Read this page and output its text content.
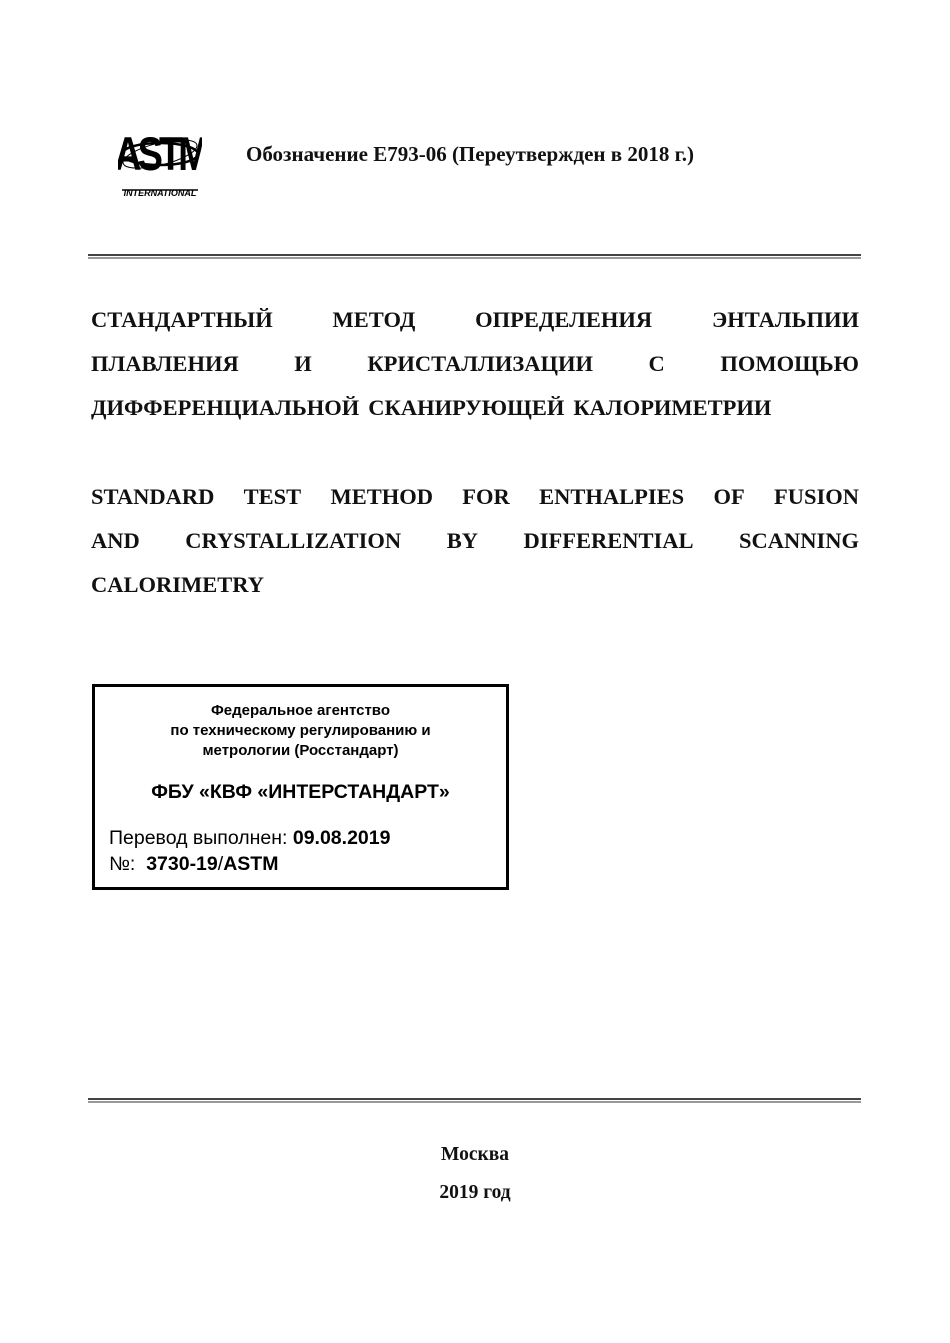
ASTM
INTERNATIONAL
Обозначение E793-06 (Переутвержден в 2018 г.)
СТАНДАРТНЫЙ	МЕТОД	ОПРЕДЕЛЕНИЯ	ЭНТАЛЬПИИ
ПЛАВЛЕНИЯ И КРИСТАЛЛИЗАЦИИ С ПОМОЩЬЮ
ДИФФЕРЕНЦИАЛЬНОЙ СКАНИРУЮЩЕЙ КАЛОРИМЕТРИИ
STANDARD TEST METHOD FOR ENTHALPIES OF FUSION
AND CRYSTALLIZATION BY DIFFERENTIAL SCANNING
CALORIMETRY
Федеральное агентство
по техническому регулированию и
метрологии (Росстандарт)
ФБУ «КВФ «ИНТЕРСТАНДАРТ»
Перевод выполнен: 09.08.2019
№: 3730-19/ASTM
Москва
2019 год
